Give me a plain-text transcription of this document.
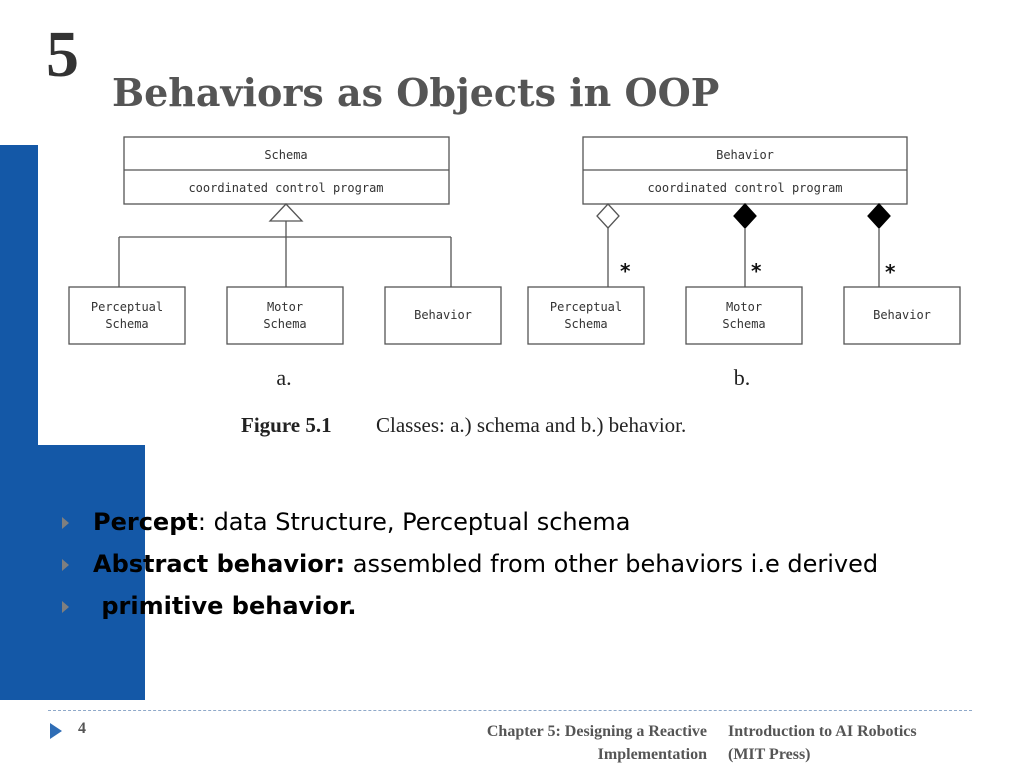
5
Behaviors as Objects in OOP
Schema
coordinated control program
Perceptual
Schema
Motor
Schema
Behavior
a.
Behavior
coordinated control program
*	*	*
Perceptual
Schema
Motor
Schema
Behavior
b.
Figure 5.1 Classes: a.) schema and b.) behavior.
Percept: data Structure, Perceptual schema
Abstract behavior: assembled from other behaviors i.e derived
primitive behavior.
4	Chapter 5: Designing a Reactive
Implementation
Introduction to AI Robotics
(MIT Press)
